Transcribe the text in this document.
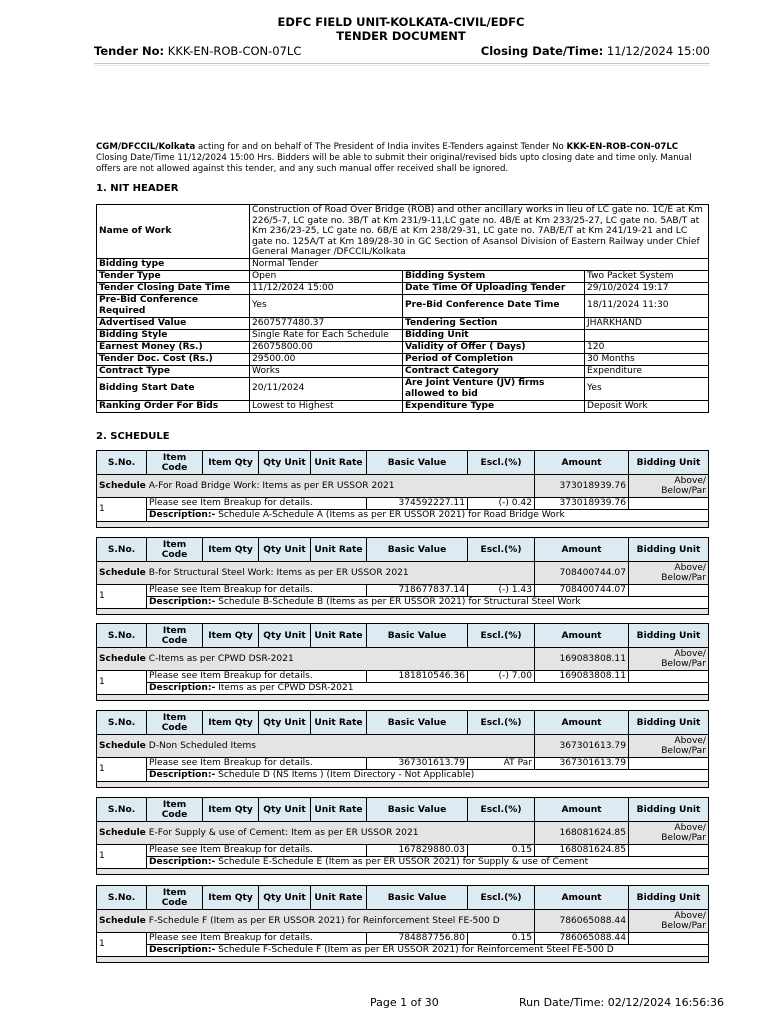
EDFC FIELD UNIT-KOLKATA-CIVIL/EDFC
TENDER DOCUMENT
Tender No: KKK-EN-ROB-CON-07LC	Closing Date/Time: 11/12/2024 15:00
CGM/DFCCIL/Kolkata acting for and on behalf of The President of India invites E-Tenders against Tender No KKK-EN-ROB-CON-07LC Closing Date/Time 11/12/2024 15:00 Hrs. Bidders will be able to submit their original/revised bids upto closing date and time only. Manual offers are not allowed against this tender, and any such manual offer received shall be ignored.
1. NIT HEADER
Name of Work	Construction of Road Over Bridge (ROB) and other ancillary works in lieu of LC gate no. 1C/E at Km 226/5-7, LC gate no. 3B/T at Km 231/9-11,LC gate no. 4B/E at Km 233/25-27, LC gate no. 5AB/T at Km 236/23-25, LC gate no. 6B/E at Km 238/29-31, LC gate no. 7AB/E/T at Km 241/19-21 and LC gate no. 125A/T at Km 189/28-30 in GC Section of Asansol Division of Eastern Railway under Chief General Manager /DFCCIL/Kolkata		
Bidding type	Normal Tender		
Tender Type	Open	Bidding System	Two Packet System
Tender Closing Date Time	11/12/2024 15:00	Date Time Of Uploading Tender	29/10/2024 19:17
Pre-Bid Conference Required	Yes	Pre-Bid Conference Date Time	18/11/2024 11:30
Advertised Value	2607577480.37	Tendering Section	JHARKHAND
Bidding Style	Single Rate for Each Schedule	Bidding Unit	
Earnest Money (Rs.)	26075800.00	Validity of Offer ( Days)	120
Tender Doc. Cost (Rs.)	29500.00	Period of Completion	30 Months
Contract Type	Works	Contract Category	Expenditure
Bidding Start Date	20/11/2024	Are Joint Venture (JV) firms allowed to bid	Yes
Ranking Order For Bids	Lowest to Highest	Expenditure Type	Deposit Work
2. SCHEDULE
S.No.	Item Code	Item Qty	Qty Unit	Unit Rate	Basic Value	Escl.(%)	Amount	Bidding Unit
Schedule A-For Road Bridge Work: Items as per ER USSOR 2021							373018939.76	Above/ Below/Par
1	Please see Item Breakup for details.				374592227.11	(-) 0.42	373018939.76	
	Description:- Schedule A-Schedule A (Items as per ER USSOR 2021) for Road Bridge Work							

S.No.	Item Code	Item Qty	Qty Unit	Unit Rate	Basic Value	Escl.(%)	Amount	Bidding Unit
Schedule B-for Structural Steel Work: Items as per ER USSOR 2021							708400744.07	Above/ Below/Par
1	Please see Item Breakup for details.				718677837.14	(-) 1.43	708400744.07	
	Description:- Schedule B-Schedule B (Items as per ER USSOR 2021) for Structural Steel Work							

S.No.	Item Code	Item Qty	Qty Unit	Unit Rate	Basic Value	Escl.(%)	Amount	Bidding Unit
Schedule C-Items as per CPWD DSR-2021							169083808.11	Above/ Below/Par
1	Please see Item Breakup for details.				181810546.36	(-) 7.00	169083808.11	
	Description:- Items as per CPWD DSR-2021							

S.No.	Item Code	Item Qty	Qty Unit	Unit Rate	Basic Value	Escl.(%)	Amount	Bidding Unit
Schedule D-Non Scheduled Items							367301613.79	Above/ Below/Par
1	Please see Item Breakup for details.				367301613.79	AT Par	367301613.79	
	Description:- Schedule D (NS Items ) (Item Directory - Not Applicable)							

S.No.	Item Code	Item Qty	Qty Unit	Unit Rate	Basic Value	Escl.(%)	Amount	Bidding Unit
Schedule E-For Supply & use of Cement: Item as per ER USSOR 2021							168081624.85	Above/ Below/Par
1	Please see Item Breakup for details.				167829880.03	0.15	168081624.85	
	Description:- Schedule E-Schedule E (Item as per ER USSOR 2021) for Supply & use of Cement							

S.No.	Item Code	Item Qty	Qty Unit	Unit Rate	Basic Value	Escl.(%)	Amount	Bidding Unit
Schedule F-Schedule F (Item as per ER USSOR 2021) for Reinforcement Steel FE-500 D							786065088.44	Above/ Below/Par
1	Please see Item Breakup for details.				784887756.80	0.15	786065088.44	
	Description:- Schedule F-Schedule F (Item as per ER USSOR 2021) for Reinforcement Steel FE-500 D							

Page 1 of 30	Run Date/Time: 02/12/2024 16:56:36
